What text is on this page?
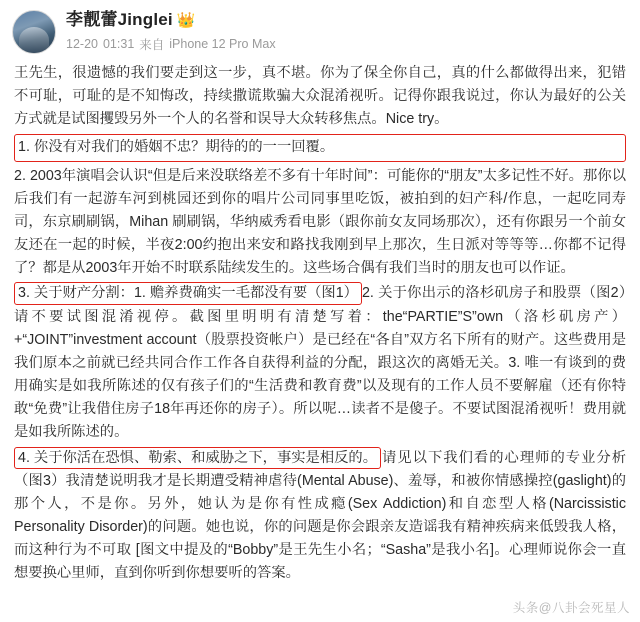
李靓蕾Jinglei 👑
12-20 01:31 来自 iPhone 12 Pro Max

王先生，很遗憾的我们要走到这一步，真不堪。你为了保全你自己，真的什么都做得出来，犯错不可耻，可耻的是不知悔改，持续撒谎欺骗大众混淆视听。记得你跟我说过，你认为最好的公关方式就是试图攫毁另外一个人的名誉和误导大众转移焦点。Nice try。

1. 你没有对我们的婚姻不忠？期待的的一一回覆。

2. 2003年演唱会认识“但是后来没联络差不多有十年时间”：可能你的“朋友”太多记性不好。那你以后我们有一起游车河到桃园还到你的唱片公司同事里吃饭，被拍到的妇产科/作息，一起吃同寿司，东京刷刷锅，Mihan 刷刷锅，华纳威秀看电影（跟你前女友同场那次），还有你跟另一个前女友还在一起的时候，半夜2:00约抱出来安和路找我刚到早上那次，生日派对等等等…你都不记得了？都是从2003年开始不时联系陆续发生的。这些场合偶有我们当时的朋友也可以作证。

3. 关于财产分割：1. 赡养费确实一毛都没有要（图1） 2. 关于你出示的洛杉矶房子和股票（图2）请不要试图混淆视停。截图里明明有清楚写着：the“PARTIE”S”own（洛杉矶房产）+“JOINT”investment account（股票投资帐户）是已经在“各自”双方名下所有的财产。这些费用是我们原本之前就已经共同合作工作各自获得利益的分配，跟这次的离婚无关。3. 唯一有谈到的费用确实是如我所陈述的仅有孩子们的“生活费和教育费”以及现有的工作人员不要解雇（还有你特敢“免费”让我借住房子18年再还你的房子）。所以呢…读者不是傻子。不要试图混淆视听！费用就是如我所陈述的。

4. 关于你活在恐惧、勒索、和威胁之下，事实是相反的。 请见以下我们看的心理师的专业分析（图3）我清楚说明我才是长期遭受精神虐待(Mental Abuse)、羞辱，和被你情感操控(gaslight)的那个人，不是你。另外，她认为是你有性成瘾(Sex Addiction)和自恋型人格(Narcissistic Personality Disorder)的问题。她也说，你的问题是你会跟亲友造谣我有精神疾病来低毁我人格，而这种行为不可取 [图文中提及的“Bobby”是王先生小名；“Sasha”是我小名]。心理师说你会一直想要换心里师，直到你听到你想要听的答案。

头条@八卦会死星人
